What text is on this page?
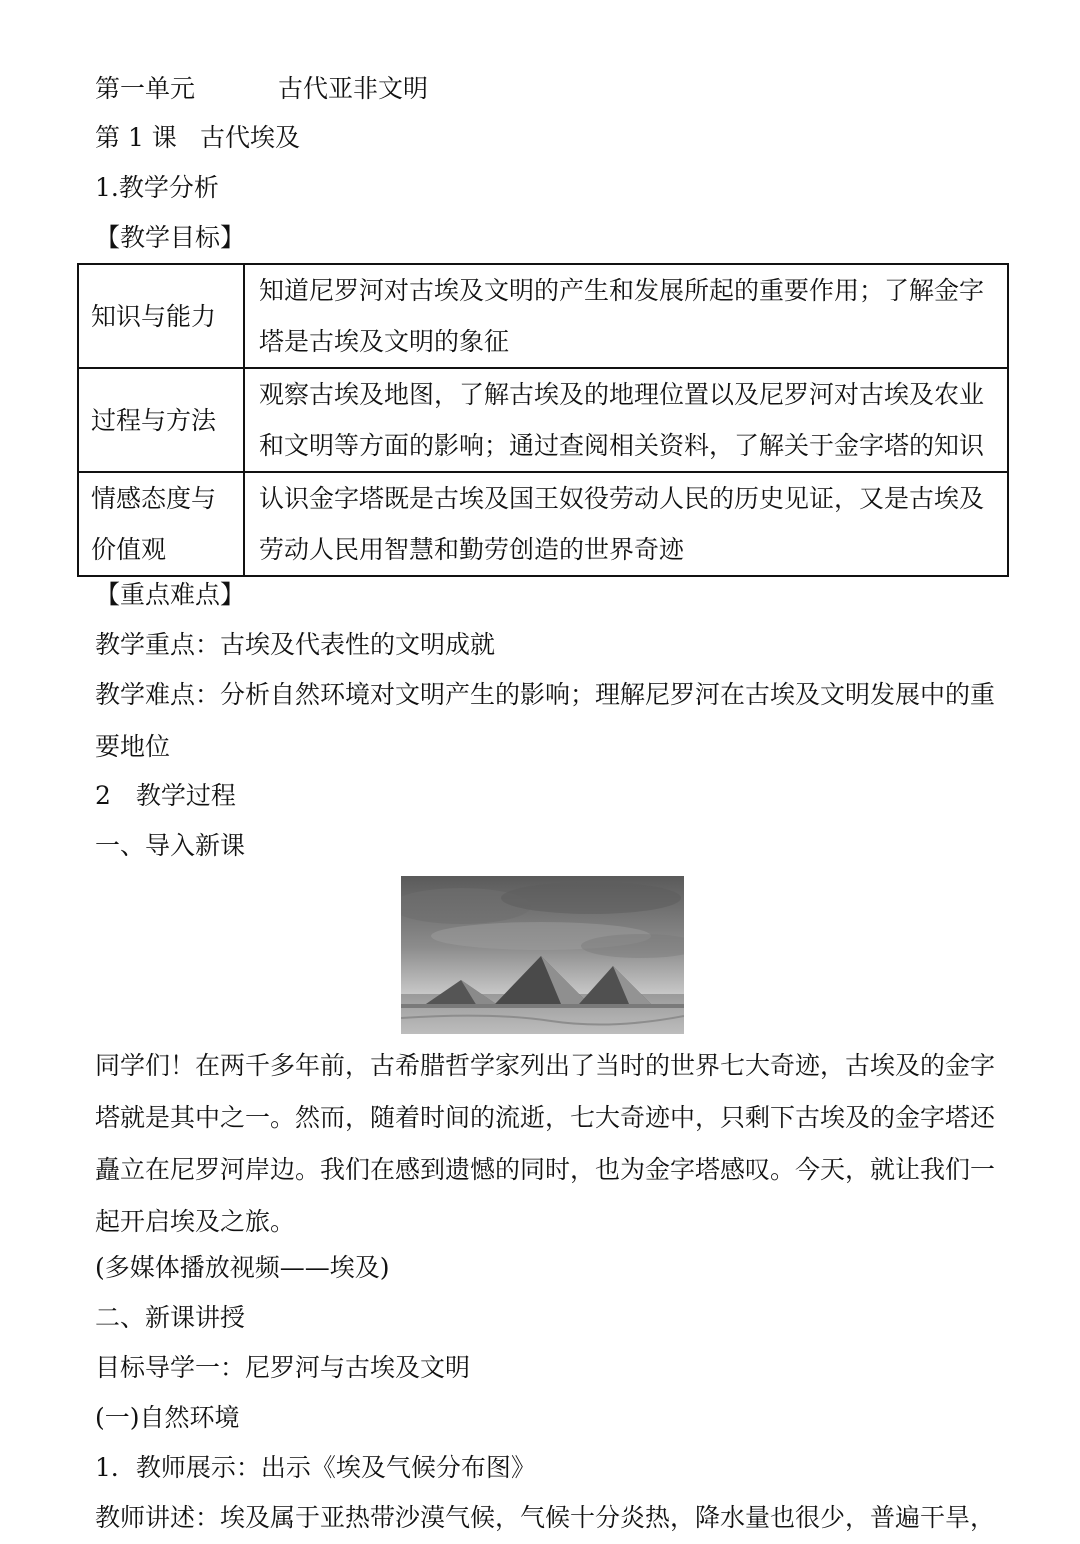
第一单元	古代亚非文明
第 1 课 古代埃及
1.教学分析
【教学目标】
知识与能力	知道尼罗河对古埃及文明的产生和发展所起的重要作用；了解金字塔是古埃及文明的象征
过程与方法	观察古埃及地图，了解古埃及的地理位置以及尼罗河对古埃及农业和文明等方面的影响；通过查阅相关资料，了解关于金字塔的知识
情感态度与价值观	认识金字塔既是古埃及国王奴役劳动人民的历史见证，又是古埃及劳动人民用智慧和勤劳创造的世界奇迹
【重点难点】
教学重点：古埃及代表性的文明成就
教学难点：分析自然环境对文明产生的影响；理解尼罗河在古埃及文明发展中的重要地位
2　教学过程
一、导入新课
同学们！在两千多年前，古希腊哲学家列出了当时的世界七大奇迹，古埃及的金字塔就是其中之一。然而，随着时间的流逝，七大奇迹中，只剩下古埃及的金字塔还矗立在尼罗河岸边。我们在感到遗憾的同时，也为金字塔感叹。今天，就让我们一起开启埃及之旅。
(多媒体播放视频——埃及)
二、新课讲授
目标导学一：尼罗河与古埃及文明
(一)自然环境
1．教师展示：出示《埃及气候分布图》
教师讲述：埃及属于亚热带沙漠气候，气候十分炎热，降水量也很少，普遍干旱，
